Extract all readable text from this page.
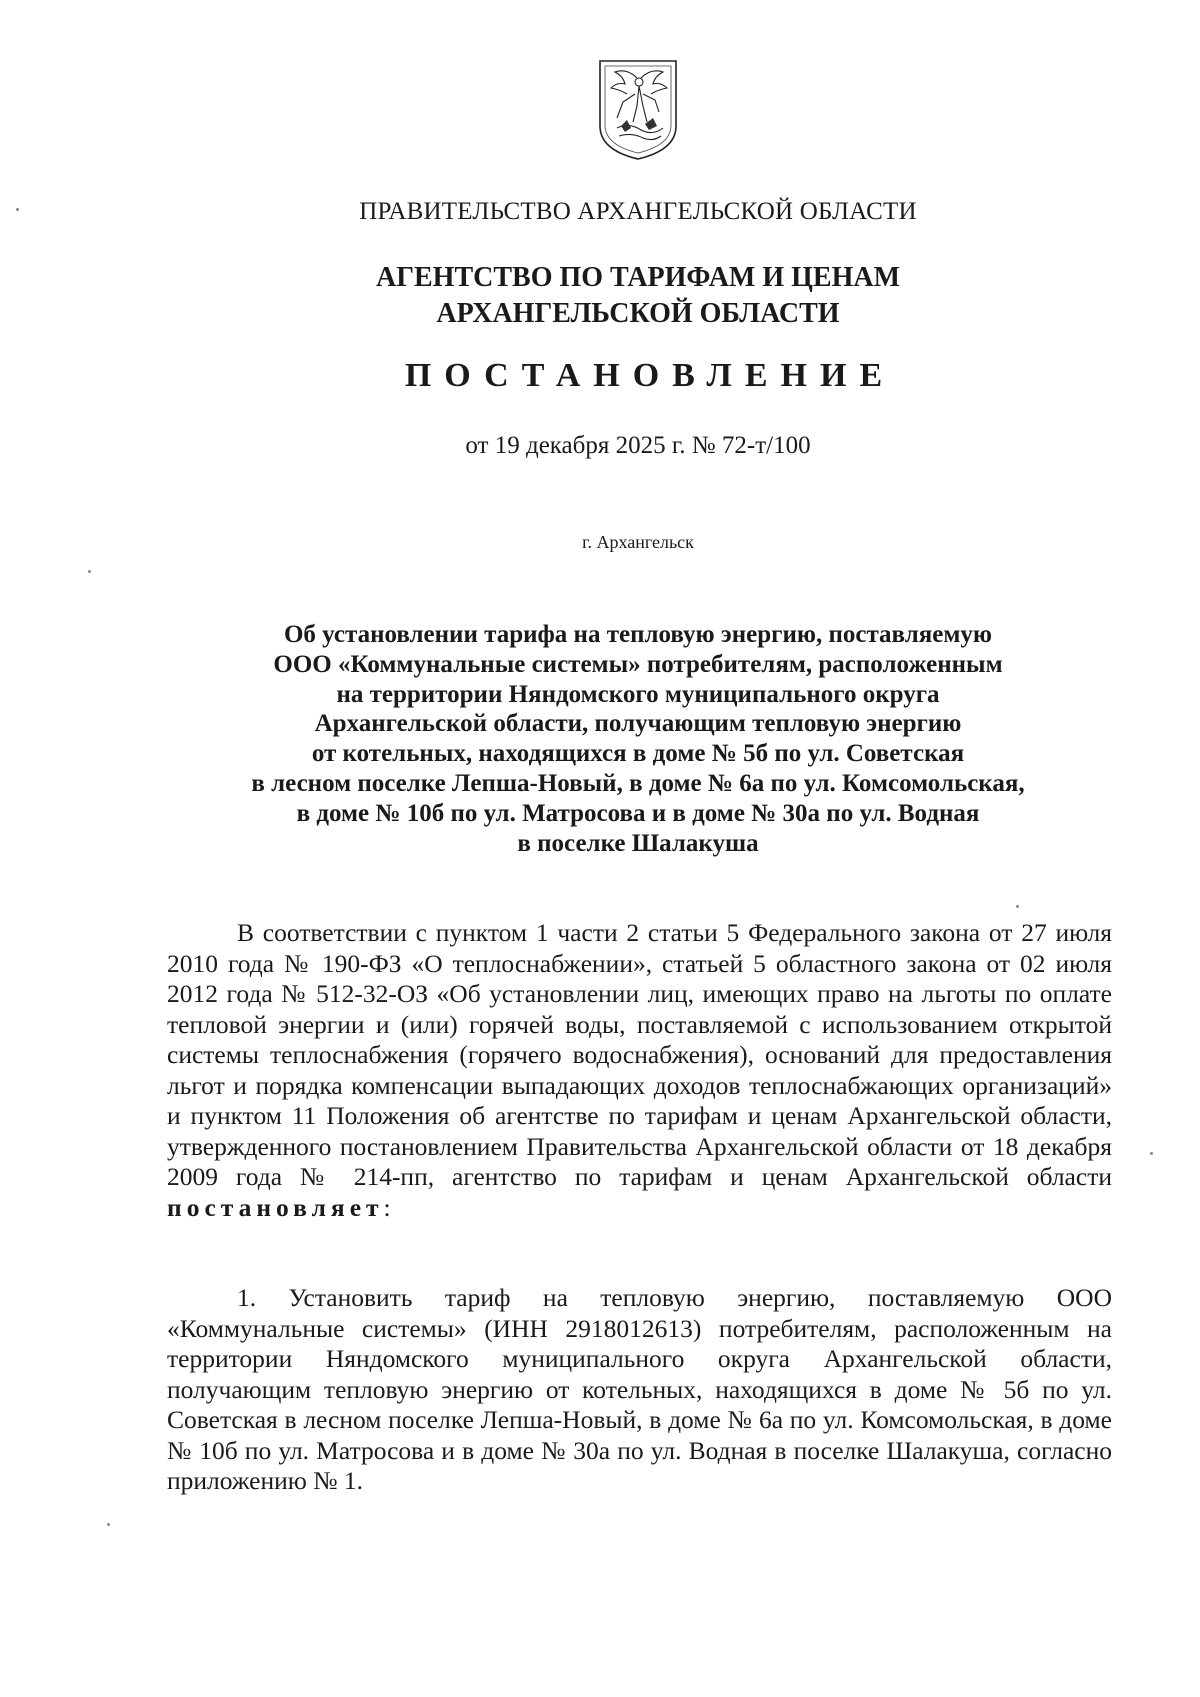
ПРАВИТЕЛЬСТВО АРХАНГЕЛЬСКОЙ ОБЛАСТИ
АГЕНТСТВО ПО ТАРИФАМ И ЦЕНАМ
АРХАНГЕЛЬСКОЙ ОБЛАСТИ
ПОСТАНОВЛЕНИЕ
от 19 декабря 2025 г. № 72-т/100
г. Архангельск
Об установлении тарифа на тепловую энергию, поставляемую
ООО «Коммунальные системы» потребителям, расположенным
на территории Няндомского муниципального округа
Архангельской области, получающим тепловую энергию
от котельных, находящихся в доме № 5б по ул. Советская
в лесном поселке Лепша-Новый, в доме № 6а по ул. Комсомольская,
в доме № 10б по ул. Матросова и в доме № 30а по ул. Водная
в поселке Шалакуша
В соответствии с пунктом 1 части 2 статьи 5 Федерального закона от 27 июля 2010 года № 190-ФЗ «О теплоснабжении», статьей 5 областного закона от 02 июля 2012 года № 512-32-ОЗ «Об установлении лиц, имеющих право на льготы по оплате тепловой энергии и (или) горячей воды, поставляемой с использованием открытой системы теплоснабжения (горячего водоснабжения), оснований для предоставления льгот и порядка компенсации выпадающих доходов теплоснабжающих организаций» и пунктом 11 Положения об агентстве по тарифам и ценам Архангельской области, утвержденного постановлением Правительства Архангельской области от 18 декабря 2009 года № 214-пп, агентство по тарифам и ценам Архангельской области постановляет:
1. Установить тариф на тепловую энергию, поставляемую ООО «Коммунальные системы» (ИНН 2918012613) потребителям, расположенным на территории Няндомского муниципального округа Архангельской области, получающим тепловую энергию от котельных, находящихся в доме № 5б по ул. Советская в лесном поселке Лепша-Новый, в доме № 6а по ул. Комсомольская, в доме № 10б по ул. Матросова и в доме № 30а по ул. Водная в поселке Шалакуша, согласно приложению № 1.
